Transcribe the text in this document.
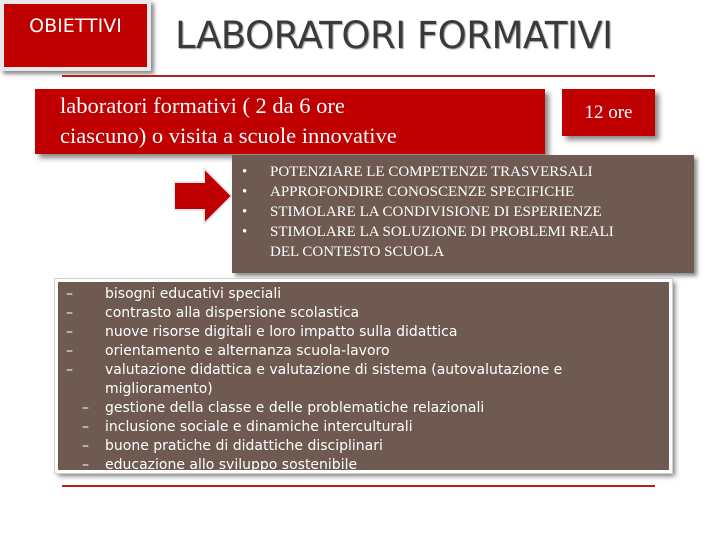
LABORATORI FORMATIVI
laboratori formativi ( 2 da 6 ore
ciascuno) o visita a scuole innovative
12 ore
OBIETTIVI
• POTENZIARE LE COMPETENZE TRASVERSALI
• APPROFONDIRE CONOSCENZE SPECIFICHE
• STIMOLARE LA CONDIVISIONE DI ESPERIENZE
• STIMOLARE LA SOLUZIONE DI PROBLEMI REALI
DEL CONTESTO SCUOLA
– bisogni educativi speciali
– contrasto alla dispersione scolastica
– nuove risorse digitali e loro impatto sulla didattica
– orientamento e alternanza scuola-lavoro
– valutazione didattica e valutazione di sistema (autovalutazione e
miglioramento)
– gestione della classe e delle problematiche relazionali
– inclusione sociale e dinamiche interculturali
– buone pratiche di didattiche disciplinari
– educazione allo sviluppo sostenibile
